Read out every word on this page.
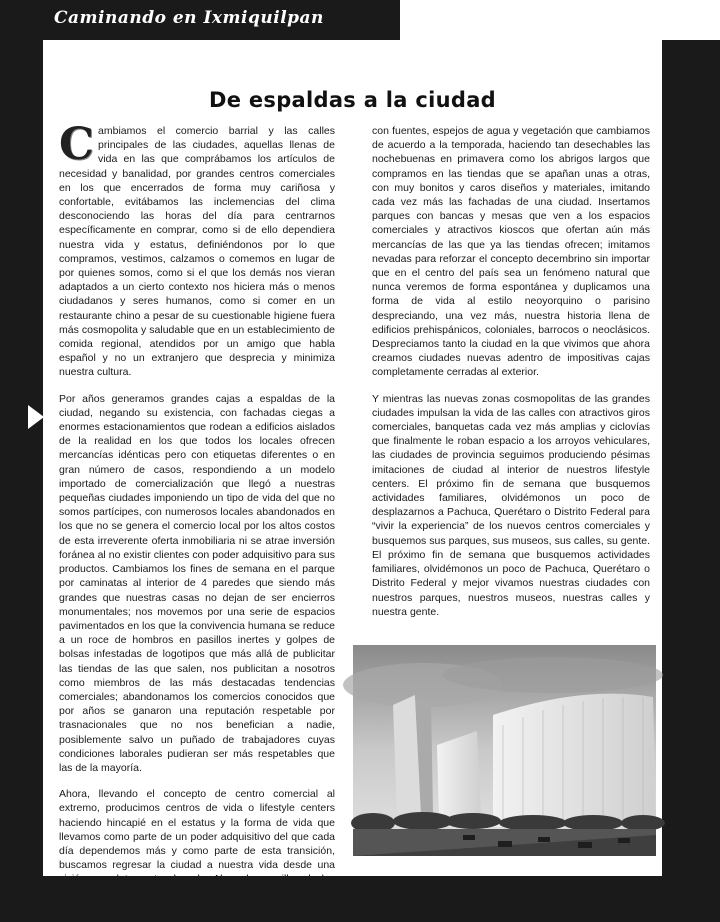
Caminando en Ixmiquilpan
Joaquín Précoma Valle
Maestro en arquitectura y nuevo urbanismo
De espaldas a la ciudad

Cambiamos el comercio barrial y las calles principales de las ciudades, aquellas llenas de vida en las que comprábamos los artículos de necesidad y banalidad, por grandes centros comerciales en los que encerrados de forma muy cariñosa y confortable, evitábamos las inclemencias del clima desconociendo las horas del día para centrarnos específicamente en comprar, como si de ello dependiera nuestra vida y estatus, definiéndonos por lo que compramos, vestimos, calzamos o comemos en lugar de por quienes somos, como si el que los demás nos vieran adaptados a un cierto contexto nos hiciera más o menos ciudadanos y seres humanos, como si comer en un restaurante chino a pesar de su cuestionable higiene fuera más cosmopolita y saludable que en un establecimiento de comida regional, atendidos por un amigo que habla español y no un extranjero que desprecia y minimiza nuestra cultura.

Por años generamos grandes cajas a espaldas de la ciudad, negando su existencia, con fachadas ciegas a enormes estacionamientos que rodean a edificios aislados de la realidad en los que todos los locales ofrecen mercancías idénticas pero con etiquetas diferentes o en gran número de casos, respondiendo a un modelo importado de comercialización que llegó a nuestras pequeñas ciudades imponiendo un tipo de vida del que no somos partícipes, con numerosos locales abandonados en los que no se genera el comercio local por los altos costos de esta irreverente oferta inmobiliaria ni se atrae inversión foránea al no existir clientes con poder adquisitivo para sus productos. Cambiamos los fines de semana en el parque por caminatas al interior de 4 paredes que siendo más grandes que nuestras casas no dejan de ser encierros monumentales; nos movemos por una serie de espacios pavimentados en los que la convivencia humana se reduce a un roce de hombros en pasillos inertes y golpes de bolsas infestadas de logotipos que más allá de publicitar las tiendas de las que salen, nos publicitan a nosotros como miembros de las más destacadas tendencias comerciales; abandonamos los comercios conocidos que por años se ganaron una reputación respetable por trasnacionales que no nos benefician a nadie, posiblemente salvo un puñado de trabajadores cuyas condiciones laborales pudieran ser más respetables que las de la mayoría.

Ahora, llevando el concepto de centro comercial al extremo, producimos centros de vida o lifestyle centers haciendo hincapié en el estatus y la forma de vida que llevamos como parte de un poder adquisitivo del que cada día dependemos más y como parte de esta transición, buscamos regresar la ciudad a nuestra vida desde una visión completamente absurda. Ahora los pasillos de los centros comerciales los acompañamos por espacios abiertos llenos de “vida natural”

con fuentes, espejos de agua y vegetación que cambiamos de acuerdo a la temporada, haciendo tan desechables las nochebuenas en primavera como los abrigos largos que compramos en las tiendas que se apañan unas a otras, con muy bonitos y caros diseños y materiales, imitando cada vez más las fachadas de una ciudad. Insertamos parques con bancas y mesas que ven a los espacios comerciales y atractivos kioscos que ofertan aún más mercancías de las que ya las tiendas ofrecen; imitamos nevadas para reforzar el concepto decembrino sin importar que en el centro del país sea un fenómeno natural que nunca veremos de forma espontánea y duplicamos una forma de vida al estilo neoyorquino o parisino despreciando, una vez más, nuestra historia llena de edificios prehispánicos, coloniales, barrocos o neoclásicos. Despreciamos tanto la ciudad en la que vivimos que ahora creamos ciudades nuevas adentro de impositivas cajas completamente cerradas al exterior.

Y mientras las nuevas zonas cosmopolitas de las grandes ciudades impulsan la vida de las calles con atractivos giros comerciales, banquetas cada vez más amplias y ciclovías que finalmente le roban espacio a los arroyos vehiculares, las ciudades de provincia seguimos produciendo pésimas imitaciones de ciudad al interior de nuestros lifestyle centers. El próximo fin de semana que busquemos actividades familiares, olvidémonos un poco de desplazarnos a Pachuca, Querétaro o Distrito Federal para “vivir la experiencia” de los nuevos centros comerciales y busquemos sus parques, sus museos, sus calles, su gente. El próximo fin de semana que busquemos actividades familiares, olvidémonos un poco de Pachuca, Querétaro o Distrito Federal y mejor vivamos nuestras ciudades con nuestros parques, nuestros museos, nuestras calles y nuestra gente.
